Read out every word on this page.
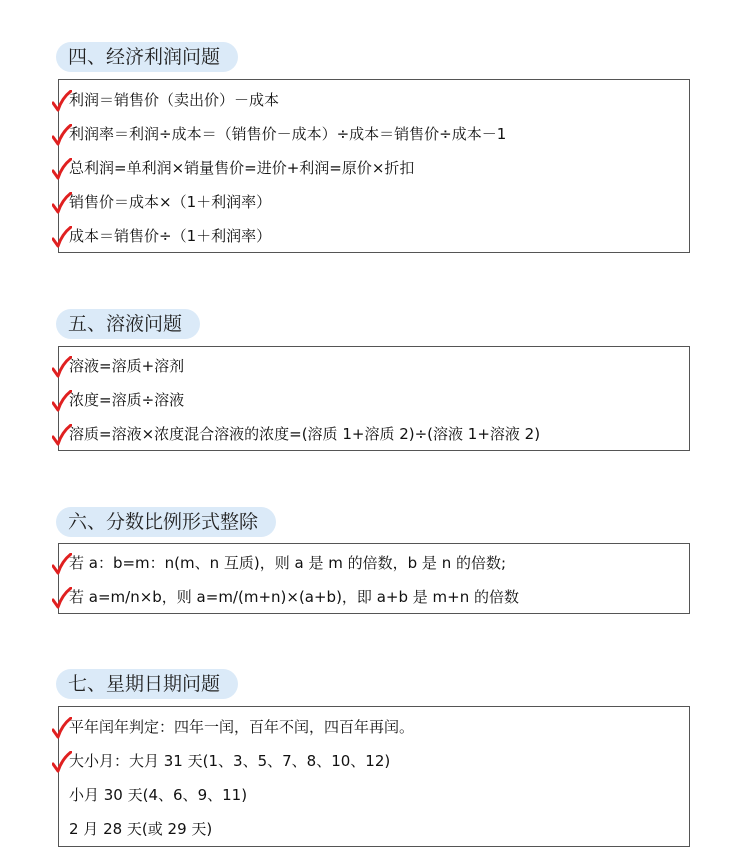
四、经济利润问题
利润＝销售价（卖出价）－成本
利润率＝利润÷成本＝（销售价－成本）÷成本＝销售价÷成本－1
总利润=单利润×销量售价=进价+利润=原价×折扣
销售价＝成本×（1＋利润率）
成本＝销售价÷（1＋利润率）
五、溶液问题
溶液=溶质+溶剂
浓度=溶质÷溶液
溶质=溶液×浓度混合溶液的浓度=(溶质 1+溶质 2)÷(溶液 1+溶液 2)
六、分数比例形式整除
若 a：b=m：n(m、n 互质)，则 a 是 m 的倍数，b 是 n 的倍数;
若 a=m/n×b，则 a=m/(m+n)×(a+b)，即 a+b 是 m+n 的倍数
七、星期日期问题
平年闰年判定：四年一闰，百年不闰，四百年再闰。
大小月：大月 31 天(1、3、5、7、8、10、12)
小月 30 天(4、6、9、11)
2 月 28 天(或 29 天)
